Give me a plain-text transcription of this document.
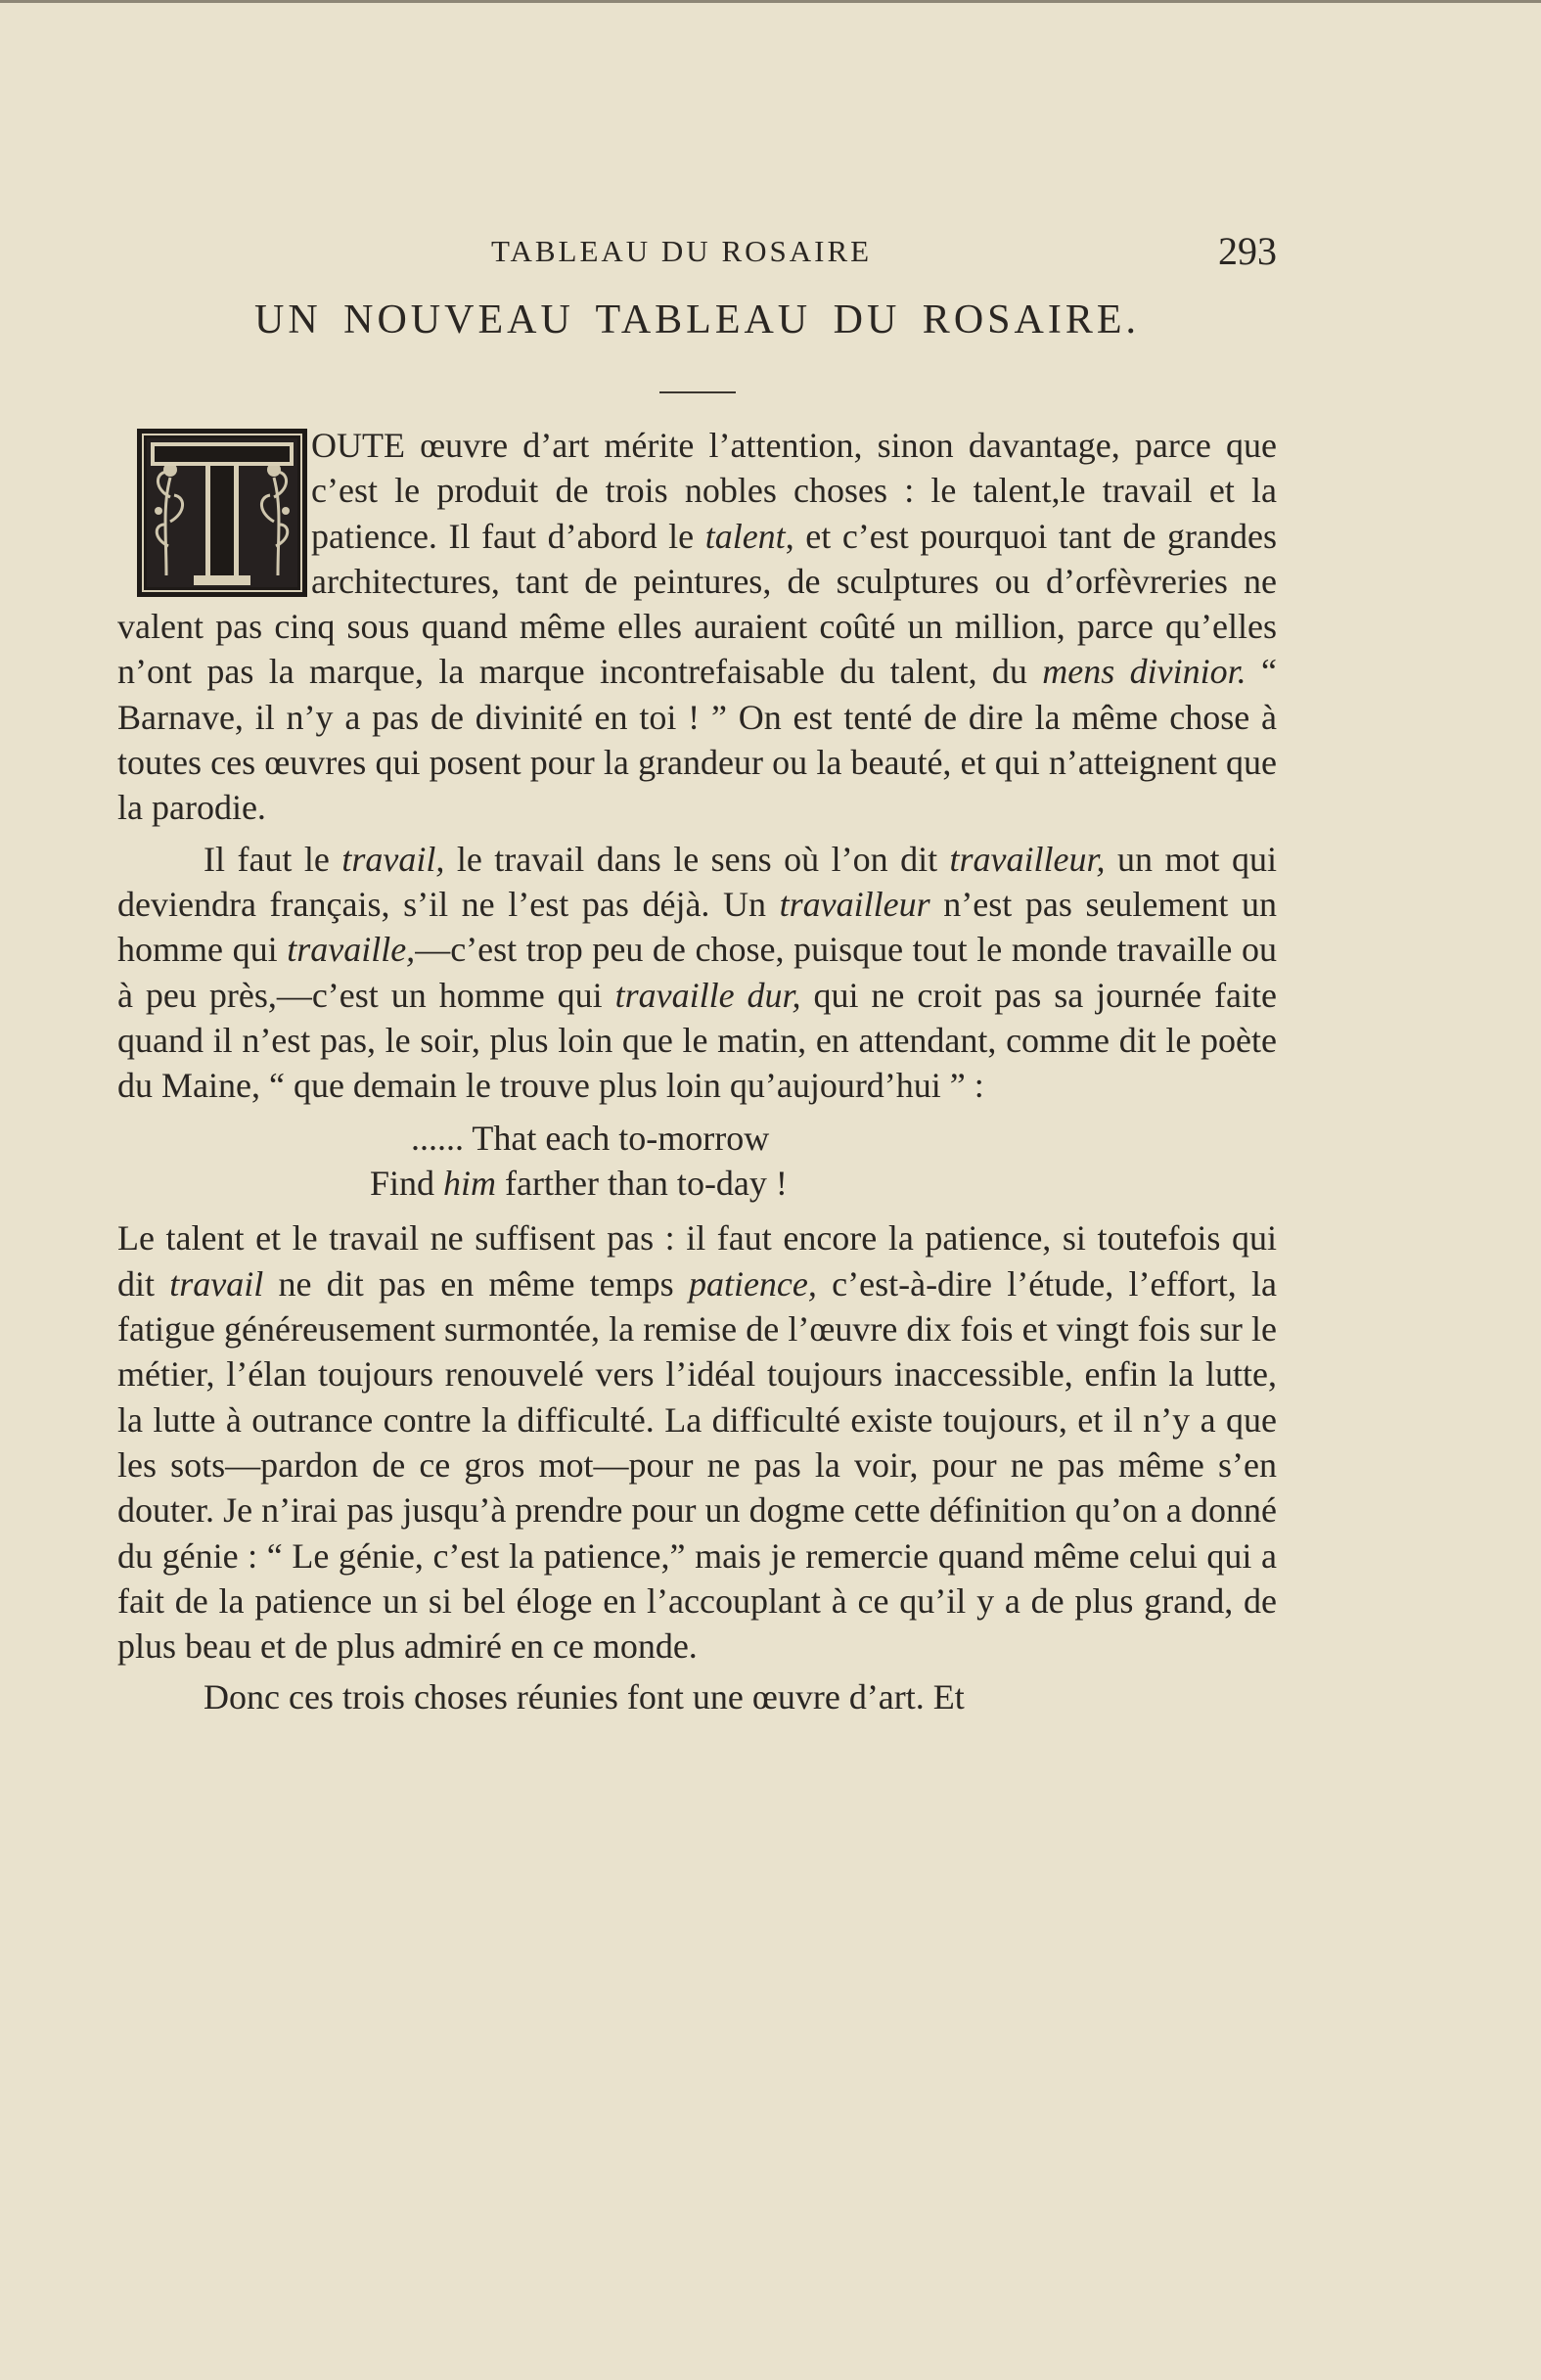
TABLEAU DU ROSAIRE	293
UN NOUVEAU TABLEAU DU ROSAIRE.

OUTE œuvre d’art mérite l’attention, sinon davantage, parce que c’est le produit de trois nobles choses : le talent,le travail et la patience. Il faut d’abord le talent, et c’est pourquoi tant de grandes architectures, tant de peintures, de sculptures ou d’orfèvreries ne valent pas cinq sous quand même elles auraient coûté un million, parce qu’elles n’ont pas la marque, la marque incontrefaisable du talent, du mens divinior. “ Barnave, il n’y a pas de divinité en toi ! ” On est tenté de dire la même chose à toutes ces œuvres qui posent pour la grandeur ou la beauté, et qui n’atteignent que la parodie.

Il faut le travail, le travail dans le sens où l’on dit travailleur, un mot qui deviendra français, s’il ne l’est pas déjà. Un travailleur n’est pas seulement un homme qui travaille,—c’est trop peu de chose, puisque tout le monde travaille ou à peu près,—c’est un homme qui travaille dur, qui ne croit pas sa journée faite quand il n’est pas, le soir, plus loin que le matin, en attendant, comme dit le poète du Maine, “ que demain le trouve plus loin qu’aujourd’hui ” :

...... That each to-morrow
Find him farther than to-day !

Le talent et le travail ne suffisent pas : il faut encore la patience, si toutefois qui dit travail ne dit pas en même temps patience, c’est-à-dire l’étude, l’effort, la fatigue généreusement surmontée, la remise de l’œuvre dix fois et vingt fois sur le métier, l’élan toujours renouvelé vers l’idéal toujours inaccessible, enfin la lutte, la lutte à outrance contre la difficulté. La difficulté existe toujours, et il n’y a que les sots—pardon de ce gros mot—pour ne pas la voir, pour ne pas même s’en douter. Je n’irai pas jusqu’à prendre pour un dogme cette définition qu’on a donné du génie : “ Le génie, c’est la patience,” mais je remercie quand même celui qui a fait de la patience un si bel éloge en l’accouplant à ce qu’il y a de plus grand, de plus beau et de plus admiré en ce monde.

Donc ces trois choses réunies font une œuvre d’art. Et
